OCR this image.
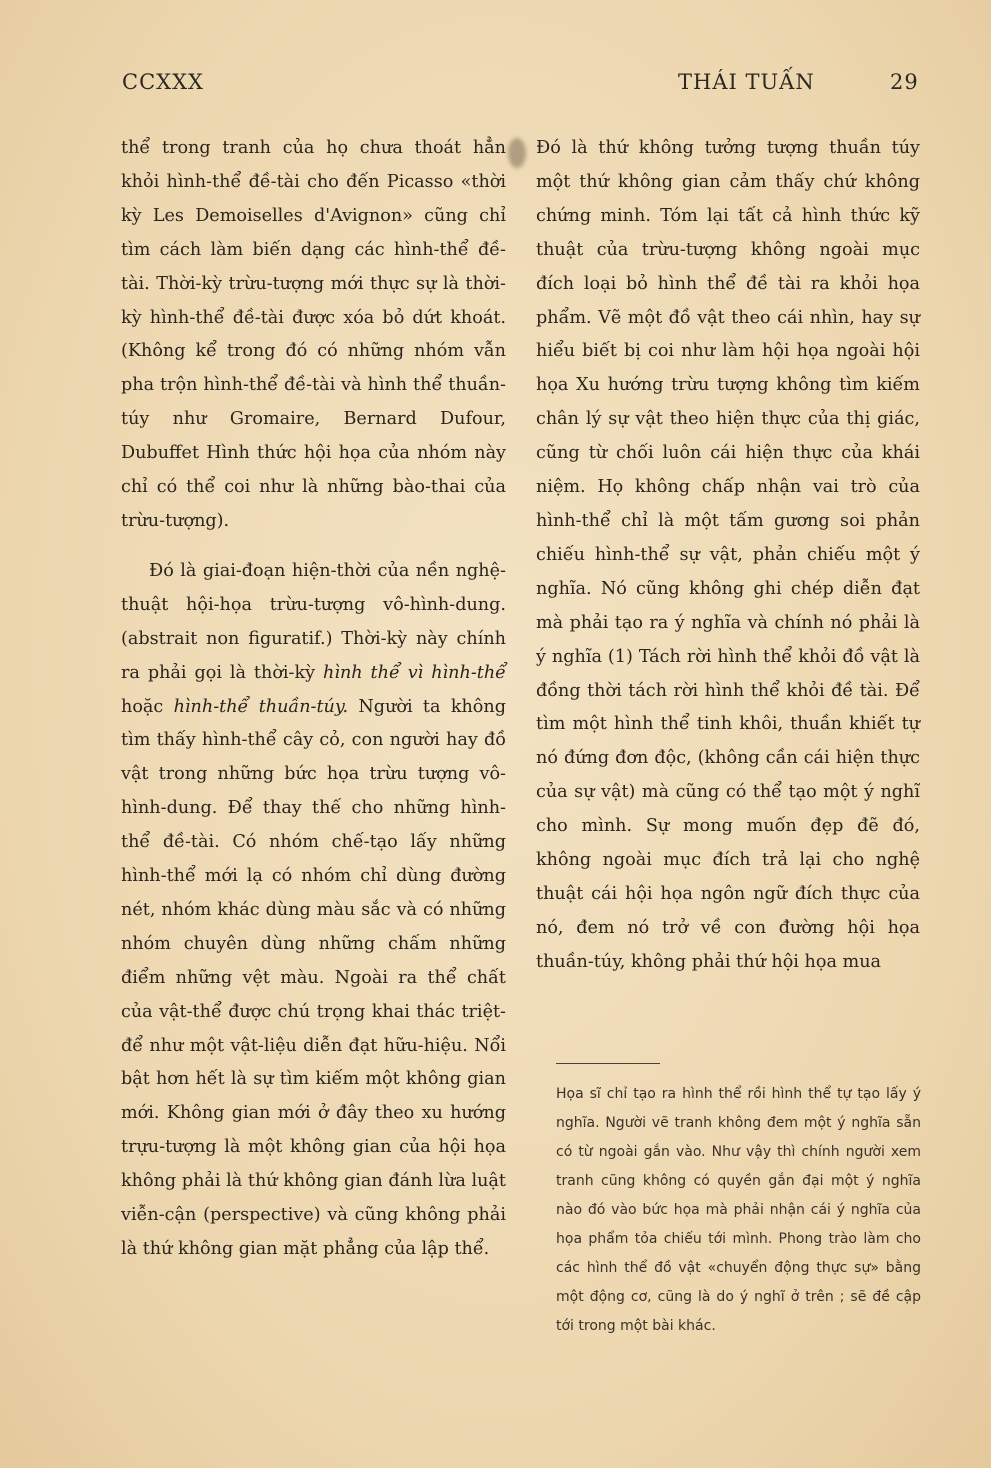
CCXXX	THÁI TUẤN	29

thể trong tranh của họ chưa thoát hẳn khỏi hình-thể đề-tài cho đến Picasso «thời kỳ Les Demoiselles d'Avignon» cũng chỉ tìm cách làm biến dạng các hình-thể đề-tài. Thời-kỳ trừu-tượng mới thực sự là thời-kỳ hình-thể đề-tài được xóa bỏ dứt khoát. (Không kể trong đó có những nhóm vẫn pha trộn hình-thể đề-tài và hình thể thuần-túy như Gromaire, Bernard Dufour, Dubuffet Hình thức hội họa của nhóm này chỉ có thể coi như là những bào-thai của trừu-tượng).

Đó là giai-đoạn hiện-thời của nền nghệ-thuật hội-họa trừu-tượng vô-hình-dung. (abstrait non figuratif.) Thời-kỳ này chính ra phải gọi là thời-kỳ hình thể vì hình-thể hoặc hình-thể thuần-túy. Người ta không tìm thấy hình-thể cây cỏ, con người hay đồ vật trong những bức họa trừu tượng vô-hình-dung. Để thay thế cho những hình-thể đề-tài. Có nhóm chế-tạo lấy những hình-thể mới lạ có nhóm chỉ dùng đường nét, nhóm khác dùng màu sắc và có những nhóm chuyên dùng những chấm những điểm những vệt màu. Ngoài ra thể chất của vật-thể được chú trọng khai thác triệt-để như một vật-liệu diễn đạt hữu-hiệu. Nổi bật hơn hết là sự tìm kiếm một không gian mới. Không gian mới ở đây theo xu hướng trựu-tượng là một không gian của hội họa không phải là thứ không gian đánh lừa luật viễn-cận (perspective) và cũng không phải là thứ không gian mặt phẳng của lập thể.

Đó là thứ không tưởng tượng thuần túy một thứ không gian cảm thấy chứ không chứng minh. Tóm lại tất cả hình thức kỹ thuật của trừu-tượng không ngoài mục đích loại bỏ hình thể đề tài ra khỏi họa phẩm. Vẽ một đồ vật theo cái nhìn, hay sự hiểu biết bị coi như làm hội họa ngoài hội họa Xu hướng trừu tượng không tìm kiếm chân lý sự vật theo hiện thực của thị giác, cũng từ chối luôn cái hiện thực của khái niệm. Họ không chấp nhận vai trò của hình-thể chỉ là một tấm gương soi phản chiếu hình-thể sự vật, phản chiếu một ý nghĩa. Nó cũng không ghi chép diễn đạt mà phải tạo ra ý nghĩa và chính nó phải là ý nghĩa (1) Tách rời hình thể khỏi đồ vật là đồng thời tách rời hình thể khỏi đề tài. Để tìm một hình thể tinh khôi, thuần khiết tự nó đứng đơn độc, (không cần cái hiện thực của sự vật) mà cũng có thể tạo một ý nghĩ cho mình. Sự mong muốn đẹp đẽ đó, không ngoài mục đích trả lại cho nghệ thuật cái hội họa ngôn ngữ đích thực của nó, đem nó trở về con đường hội họa thuần-túy, không phải thứ hội họa mua

Họa sĩ chỉ tạo ra hình thể rồi hình thể tự tạo lấy ý nghĩa. Người vẽ tranh không đem một ý nghĩa sẵn có từ ngoài gắn vào. Như vậy thì chính người xem tranh cũng không có quyền gắn đại một ý nghĩa nào đó vào bức họa mà phải nhận cái ý nghĩa của họa phẩm tỏa chiếu tới mình. Phong trào làm cho các hình thể đồ vật «chuyển động thực sự» bằng một động cơ, cũng là do ý nghĩ ở trên ; sẽ đề cập tới trong một bài khác.
